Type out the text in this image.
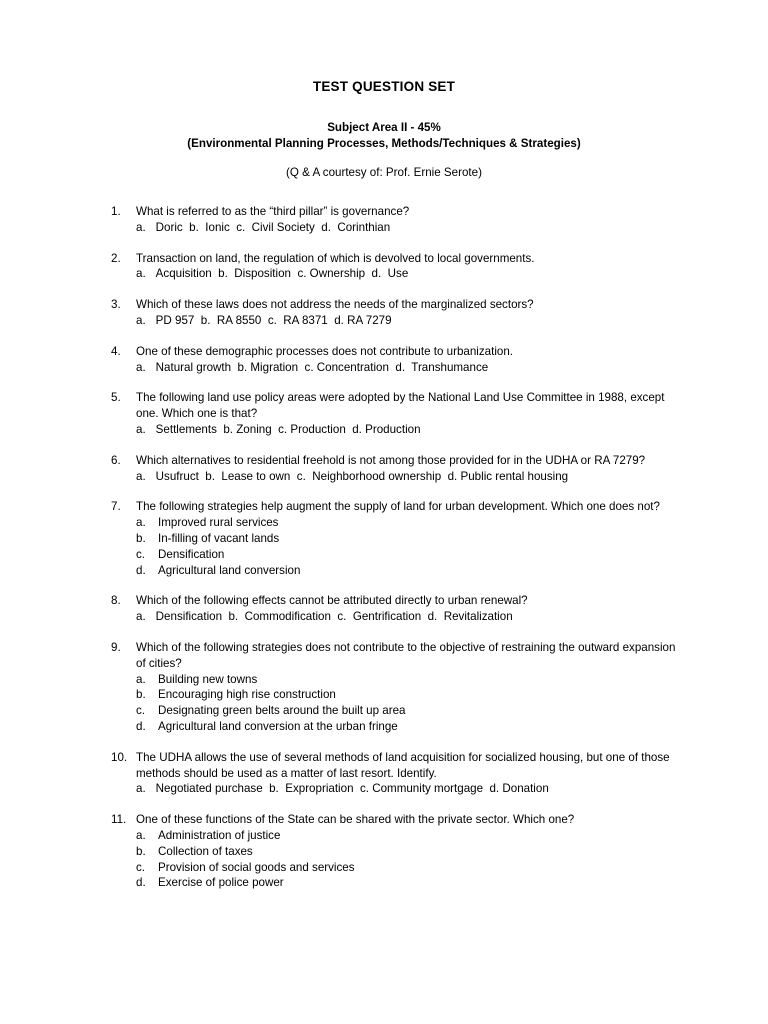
TEST QUESTION SET
Subject Area II - 45%
(Environmental Planning Processes, Methods/Techniques & Strategies)
(Q & A courtesy of: Prof. Ernie Serote)
1.	What is referred to as the “third pillar” is governance?
a. Doric  b.  Ionic  c.  Civil Society  d.  Corinthian
2.	Transaction on land, the regulation of which is devolved to local governments.
a. Acquisition  b.  Disposition  c. Ownership  d.  Use
3.	Which of these laws does not address the needs of the marginalized sectors?
a. PD 957  b.  RA 8550  c.  RA 8371  d. RA 7279
4.	One of these demographic processes does not contribute to urbanization.
a. Natural growth  b. Migration  c. Concentration  d.  Transhumance
5.	The following land use policy areas were adopted by the National Land Use Committee in 1988, except one. Which one is that?
a. Settlements  b. Zoning  c. Production  d. Production
6.	Which alternatives to residential freehold is not among those provided for in the UDHA or RA 7279?
a. Usufruct  b.  Lease to own  c.  Neighborhood ownership  d. Public rental housing
7.	The following strategies help augment the supply of land for urban development. Which one does not?
a. Improved rural services
b. In-filling of vacant lands
c. Densification
d. Agricultural land conversion
8.	Which of the following effects cannot be attributed directly to urban renewal?
a. Densification  b.  Commodification  c.  Gentrification  d.  Revitalization
9.	Which of the following strategies does not contribute to the objective of restraining the outward expansion of cities?
a. Building new towns
b. Encouraging high rise construction
c. Designating green belts around the built up area
d. Agricultural land conversion at the urban fringe
10. The UDHA allows the use of several methods of land acquisition for socialized housing, but one of those methods should be used as a matter of last resort. Identify.
a. Negotiated purchase  b.  Expropriation  c. Community mortgage  d. Donation
11. One of these functions of the State can be shared with the private sector. Which one?
a. Administration of justice
b. Collection of taxes
c. Provision of social goods and services
d. Exercise of police power
